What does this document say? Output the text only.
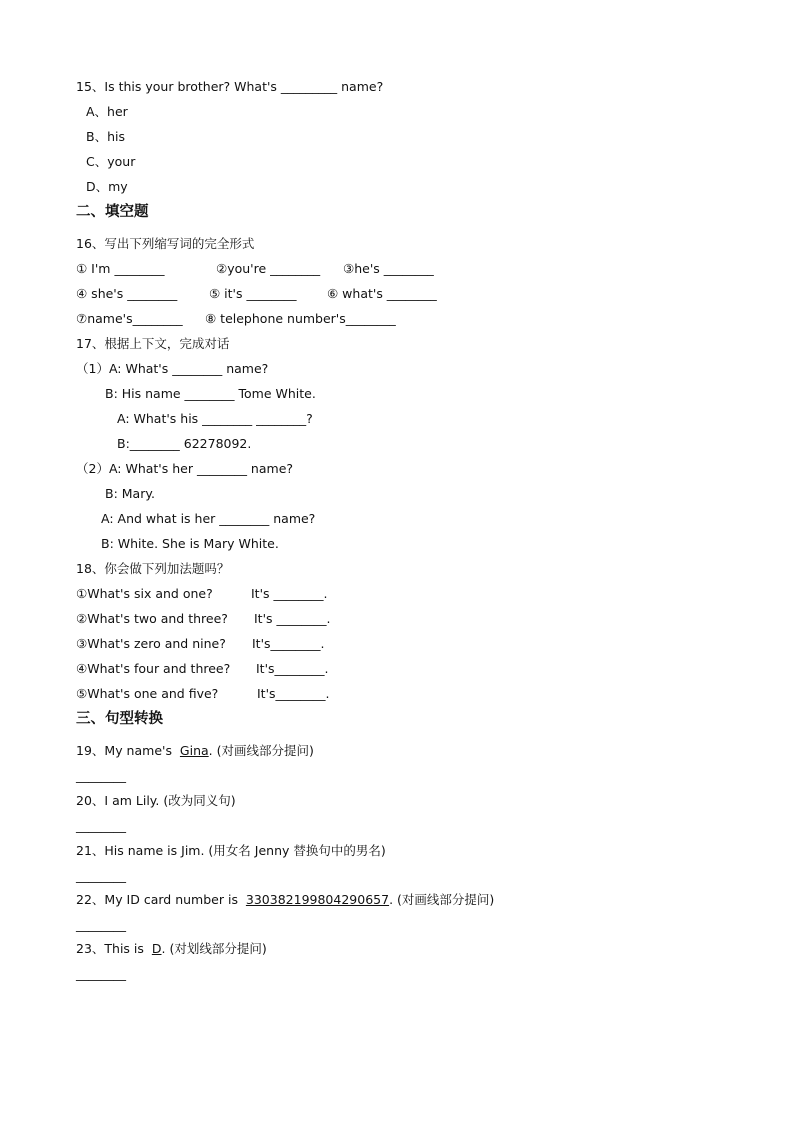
15、Is this your brother? What's _________ name?
A、her
B、his
C、your
D、my
二、填空题
16、写出下列缩写词的完全形式
① I'm ________	②you're ________ ③he's ________
④ she's ________	⑤ it's ________ ⑥ what's ________
⑦name's________ ⑧ telephone number's________
17、根据上下文，完成对话
（1）A: What's ________ name?
B: His name ________ Tome White.
A: What's his ________ ________?
B:________ 62278092.
（2）A: What's her ________ name?
B: Mary.
A: And what is her ________ name?
B: White. She is Mary White.
18、你会做下列加法题吗？
①What's six and one?	It's ________.
②What's two and three? It's ________.
③What's zero and nine? It's________.
④What's four and three? It's________.
⑤What's one and five?	It's________.
三、句型转换
19、My name's  Gina. (对画线部分提问)
________
20、I am Lily. (改为同义句)
________
21、His name is Jim. (用女名 Jenny 替换句中的男名)
________
22、My ID card number is  330382199804290657. (对画线部分提问)
________
23、This is  D. (对划线部分提问)
________
